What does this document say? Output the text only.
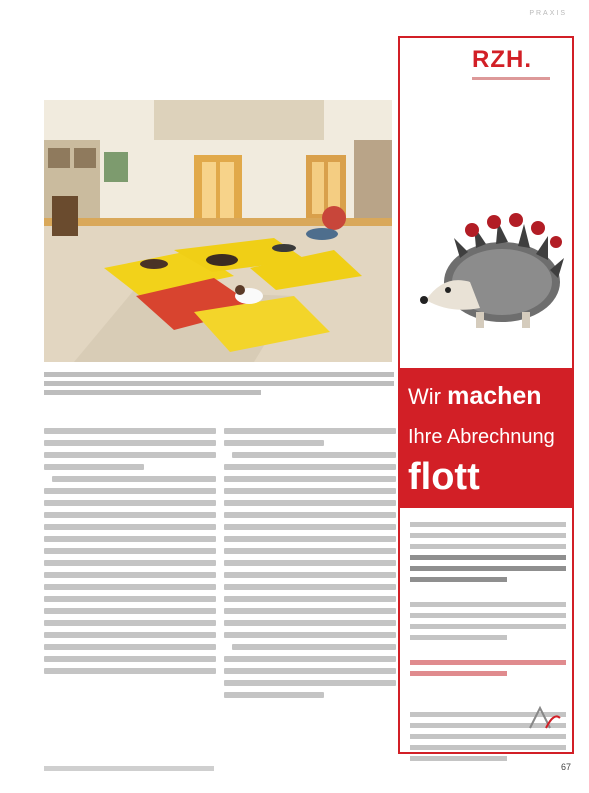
PRAXIS
RZH.
Wir machen
Ihre Abrechnung
flott
67
